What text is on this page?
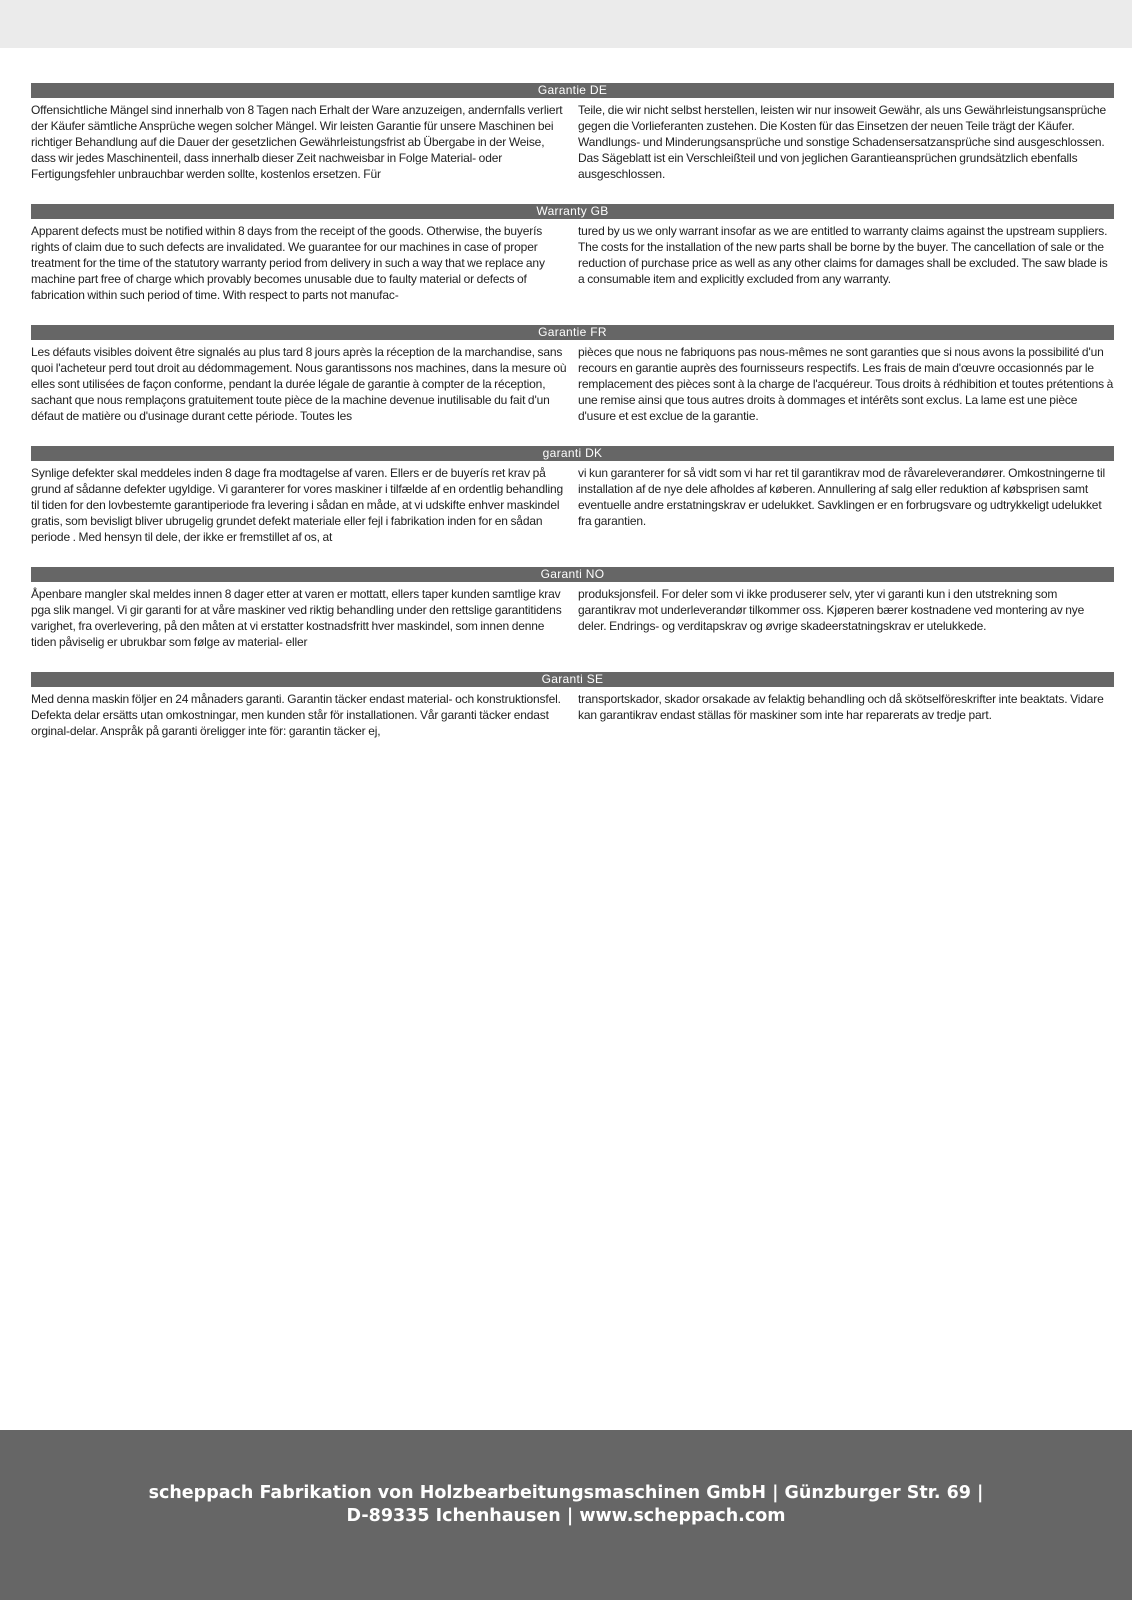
Garantie DE
Offensichtliche Mängel sind innerhalb von 8 Tagen nach Erhalt der Ware anzuzeigen, andernfalls verliert der Käufer sämtliche Ansprüche wegen solcher Mängel. Wir leisten Garantie für unsere Maschinen bei richtiger Behandlung auf die Dauer der gesetzlichen Gewährleistungsfrist ab Übergabe in der Weise, dass wir jedes Maschinenteil, dass innerhalb dieser Zeit nachweisbar in Folge Material- oder Fertigungsfehler unbrauchbar werden sollte, kostenlos ersetzen. Für
Teile, die wir nicht selbst herstellen, leisten wir nur insoweit Gewähr, als uns Gewährleistungsansprüche gegen die Vorlieferanten zustehen. Die Kosten für das Einsetzen der neuen Teile trägt der Käufer. Wandlungs- und Minderungsansprüche und sonstige Schadensersatzansprüche sind ausgeschlossen. Das Sägeblatt ist ein Verschleißteil und von jeglichen Garantieansprüchen grundsätzlich ebenfalls ausgeschlossen.
Warranty GB
Apparent defects must be notified within 8 days from the receipt of the goods. Otherwise, the buyerís rights of claim due to such defects are invalidated. We guarantee for our machines in case of proper treatment for the time of the statutory warranty period from delivery in such a way that we replace any machine part free of charge which provably becomes unusable due to faulty material or defects of fabrication within such period of time. With respect to parts not manufac-
tured by us we only warrant insofar as we are entitled to warranty claims against the upstream suppliers. The costs for the installation of the new parts shall be borne by the buyer. The cancellation of sale or the reduction of purchase price as well as any other claims for damages shall be excluded. The saw blade is a consumable item and explicitly excluded from any warranty.
Garantie FR
Les défauts visibles doivent être signalés au plus tard 8 jours après la réception de la marchandise, sans quoi l'acheteur perd tout droit au dédommagement. Nous garantissons nos machines, dans la mesure où elles sont utilisées de façon conforme, pendant la durée légale de garantie à compter de la réception, sachant que nous remplaçons gratuitement toute pièce de la machine devenue inutilisable du fait d'un défaut de matière ou d'usinage durant cette période. Toutes les
pièces que nous ne fabriquons pas nous-mêmes ne sont garanties que si nous avons la possibilité d'un recours en garantie auprès des fournisseurs respectifs. Les frais de main d'œuvre occasionnés par le remplacement des pièces sont à la charge de l'acquéreur. Tous droits à rédhibition et toutes prétentions à une remise ainsi que tous autres droits à dommages et intérêts sont exclus. La lame est une pièce d'usure et est exclue de la garantie.
garanti DK
Synlige defekter skal meddeles inden 8 dage fra modtagelse af varen. Ellers er de buyerís ret krav på grund af sådanne defekter ugyldige. Vi garanterer for vores maskiner i tilfælde af en ordentlig behandling til tiden for den lovbestemte garantiperiode fra levering i sådan en måde, at vi udskifte enhver maskindel gratis, som bevisligt bliver ubrugelig grundet defekt materiale eller fejl i fabrikation inden for en sådan periode . Med hensyn til dele, der ikke er fremstillet af os, at
vi kun garanterer for så vidt som vi har ret til garantikrav mod de råvareleverandører. Omkostningerne til installation af de nye dele afholdes af køberen. Annullering af salg eller reduktion af købsprisen samt eventuelle andre erstatningskrav er udelukket. Savklingen er en forbrugsvare og udtrykkeligt udelukket fra garantien.
Garanti NO
Åpenbare mangler skal meldes innen 8 dager etter at varen er mottatt, ellers taper kunden samtlige krav pga slik mangel. Vi gir garanti for at våre maskiner ved riktig behandling under den rettslige garantitidens varighet, fra overlevering, på den måten at vi erstatter kostnadsfritt hver maskindel, som innen denne tiden påviselig er ubrukbar som følge av material- eller
produksjonsfeil. For deler som vi ikke produserer selv, yter vi garanti kun i den utstrekning som garantikrav mot underleverandør tilkommer oss. Kjøperen bærer kostnadene ved montering av nye deler. Endrings- og verditapskrav og øvrige skadeerstatningskrav er utelukkede.
Garanti SE
Med denna maskin följer en 24 månaders garanti. Garantin täcker endast material- och konstruktionsfel. Defekta delar ersätts utan omkostningar, men kunden står för installationen. Vår garanti täcker endast orginal-delar. Anspråk på garanti öreligger inte för: garantin täcker ej,
transportskador, skador orsakade av felaktig behandling och då skötselföreskrifter inte beaktats. Vidare kan garantikrav endast ställas för maskiner som inte har reparerats av tredje part.
scheppach Fabrikation von Holzbearbeitungsmaschinen GmbH | Günzburger Str. 69 |
D-89335 Ichenhausen | www.scheppach.com
